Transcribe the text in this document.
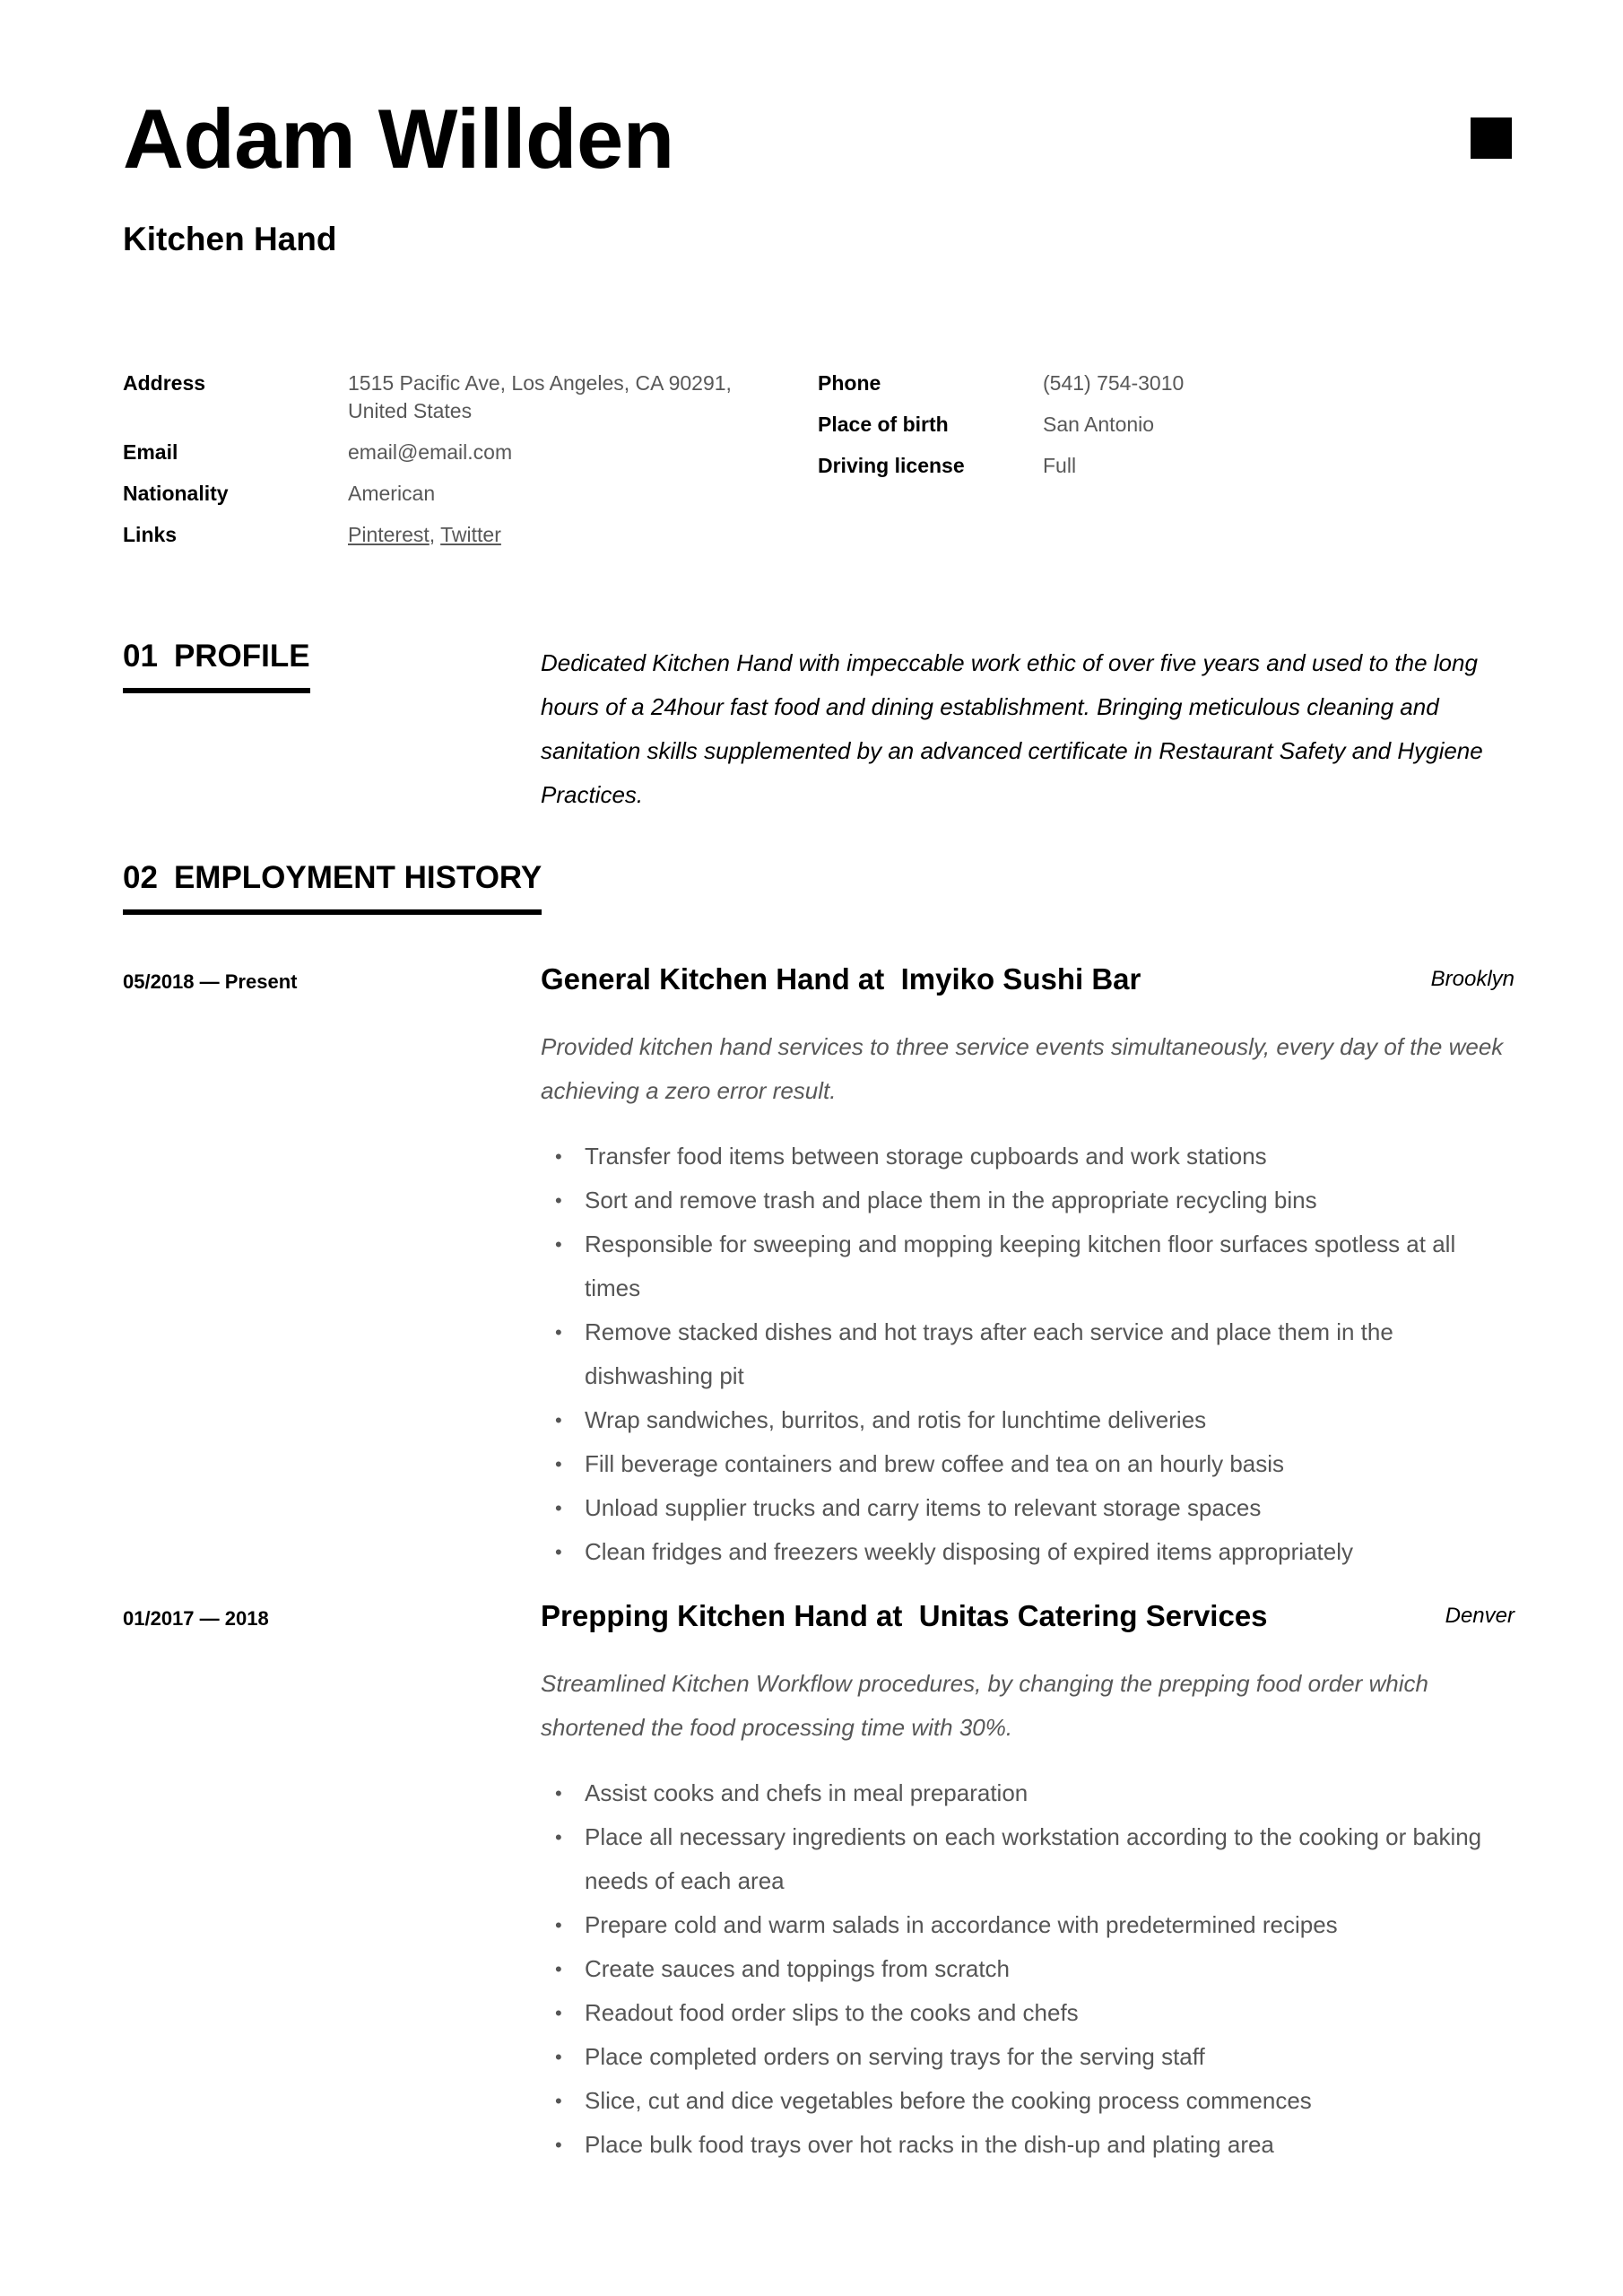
Adam Willden
Kitchen Hand
Address	1515 Pacific Ave, Los Angeles, CA 90291,
United States
Email	email@email.com
Nationality	American
Links	Pinterest, Twitter
Phone	(541) 754-3010
Place of birth	San Antonio
Driving license	Full
01 PROFILE	Dedicated Kitchen Hand with impeccable work ethic of over five years and used to the long hours of a 24hour fast food and dining establishment. Bringing meticulous cleaning and sanitation skills supplemented by an advanced certificate in Restaurant Safety and Hygiene Practices.

02 EMPLOYMENT HISTORY
05/2018 — Present	General Kitchen Hand at  Imyiko Sushi Bar	Brooklyn

Provided kitchen hand services to three service events simultaneously, every day of the week achieving a zero error result.

• Transfer food items between storage cupboards and work stations
• Sort and remove trash and place them in the appropriate recycling bins
• Responsible for sweeping and mopping keeping kitchen floor surfaces spotless at all times
• Remove stacked dishes and hot trays after each service and place them in the dishwashing pit
• Wrap sandwiches, burritos, and rotis for lunchtime deliveries
• Fill beverage containers and brew coffee and tea on an hourly basis
• Unload supplier trucks and carry items to relevant storage spaces
• Clean fridges and freezers weekly disposing of expired items appropriately
01/2017 — 2018	Prepping Kitchen Hand at  Unitas Catering Services	Denver

Streamlined Kitchen Workflow procedures, by changing the prepping food order which shortened the food processing time with 30%.

• Assist cooks and chefs in meal preparation
• Place all necessary ingredients on each workstation according to the cooking or baking needs of each area
• Prepare cold and warm salads in accordance with predetermined recipes
• Create sauces and toppings from scratch
• Readout food order slips to the cooks and chefs
• Place completed orders on serving trays for the serving staff
• Slice, cut and dice vegetables before the cooking process commences
• Place bulk food trays over hot racks in the dish-up and plating area
